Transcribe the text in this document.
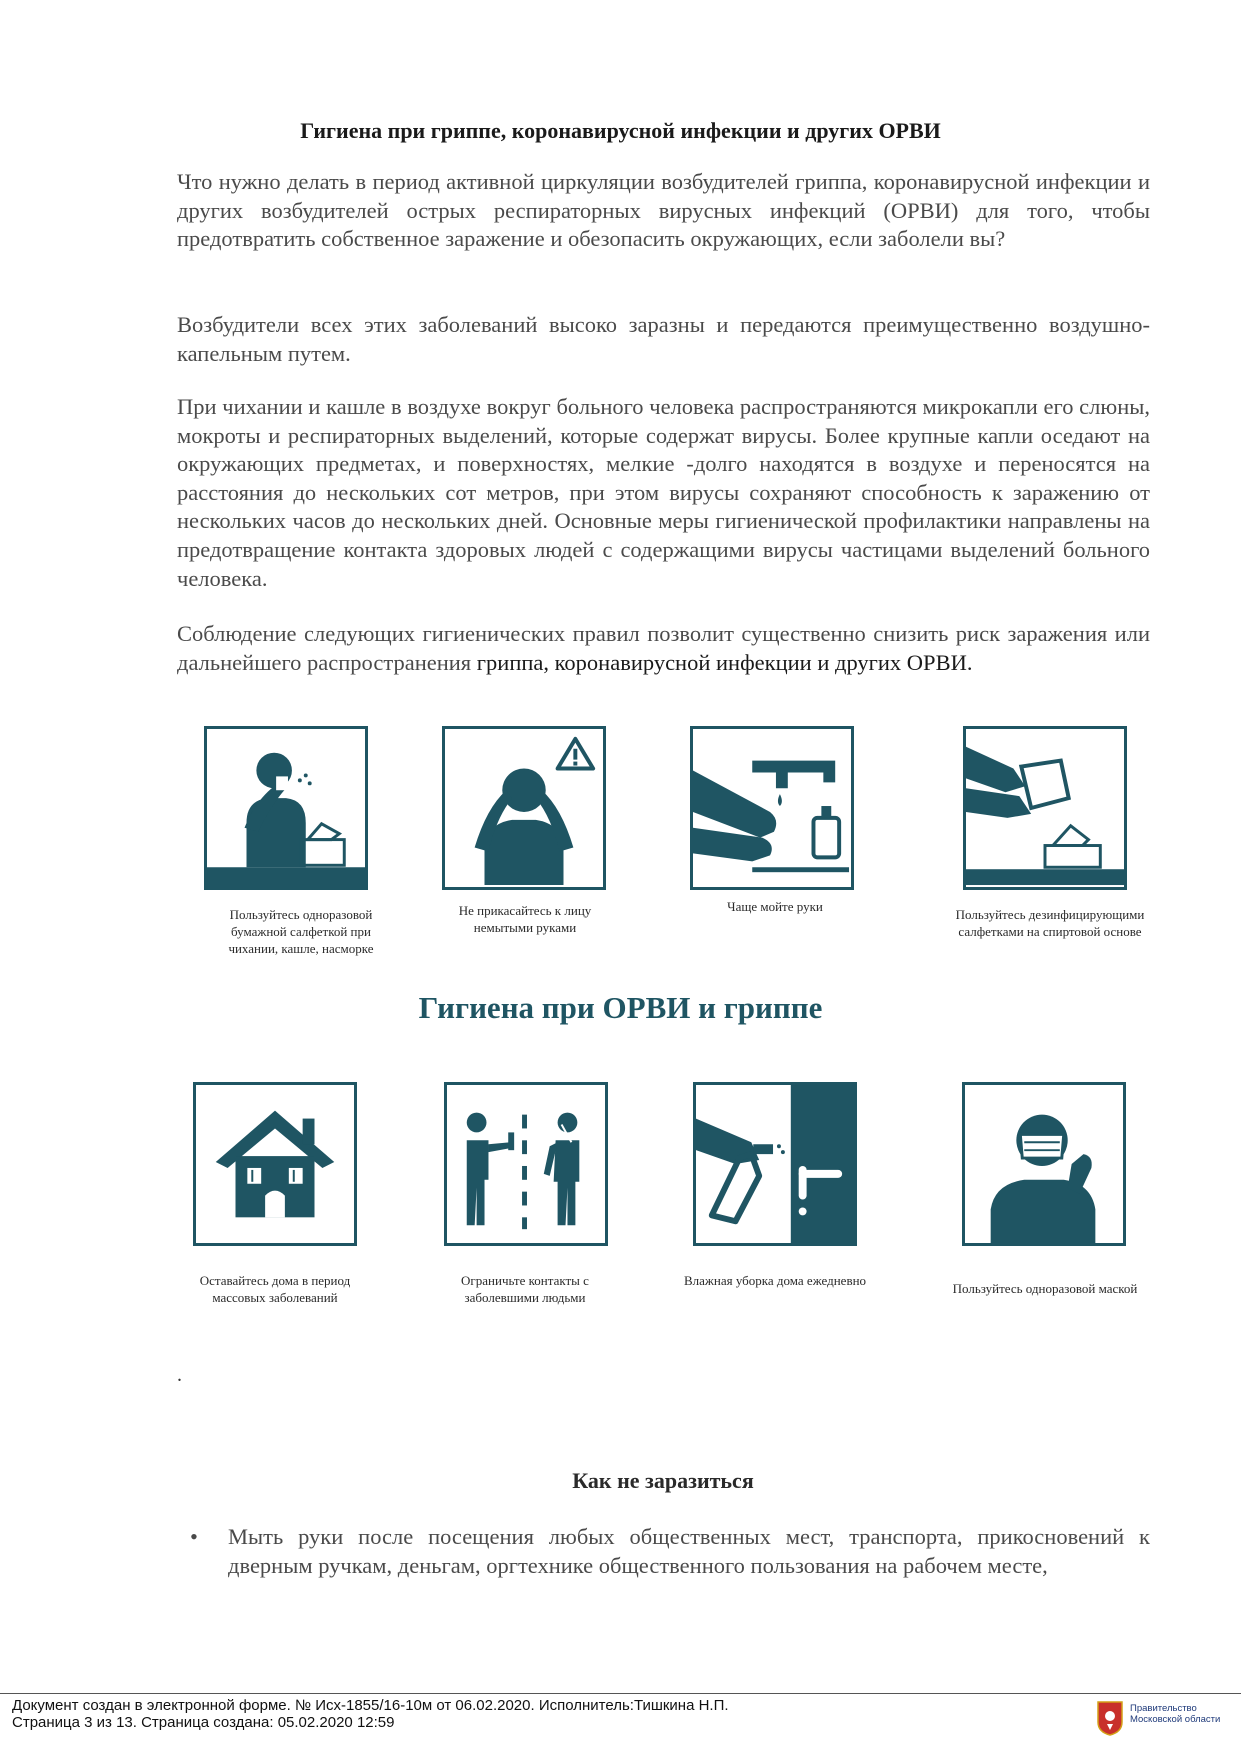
Гигиена при гриппе, коронавирусной инфекции и других ОРВИ

Что нужно делать в период активной циркуляции возбудителей гриппа, коронавирусной инфекции и других возбудителей острых респираторных вирусных инфекций (ОРВИ) для того, чтобы предотвратить собственное заражение и обезопасить окружающих, если заболели вы?

Возбудители всех этих заболеваний высоко заразны и передаются преимущественно воздушно-капельным путем.

При чихании и кашле в воздухе вокруг больного человека распространяются микрокапли его слюны, мокроты и респираторных выделений, которые содержат вирусы. Более крупные капли оседают на окружающих предметах, и поверхностях, мелкие -долго находятся в воздухе и переносятся на расстояния до нескольких сот метров, при этом вирусы сохраняют способность к заражению от нескольких часов до нескольких дней. Основные меры гигиенической профилактики направлены на предотвращение контакта здоровых людей с содержащими вирусы частицами выделений больного человека.

Соблюдение следующих гигиенических правил позволит существенно снизить риск заражения или дальнейшего распространения гриппа, коронавирусной инфекции и других ОРВИ.

Пользуйтесь одноразовой бумажной салфеткой при чихании, кашле, насморке
Не прикасайтесь к лицу немытыми руками
Чаще мойте руки
Пользуйтесь дезинфицирующими салфетками на спиртовой основе
Гигиена при ОРВИ и гриппе
Оставайтесь дома в период массовых заболеваний
Ограничьте контакты с заболевшими людьми
Влажная уборка дома ежедневно
Пользуйтесь одноразовой маской
.
Как не заразиться
• Мыть руки после посещения любых общественных мест, транспорта, прикосновений к дверным ручкам, деньгам, оргтехнике общественного пользования на рабочем месте,
Документ создан в электронной форме. № Исх-1855/16-10м от 06.02.2020. Исполнитель:Тишкина Н.П.
Страница 3 из 13. Страница создана: 05.02.2020 12:59
Правительство
Московской области
